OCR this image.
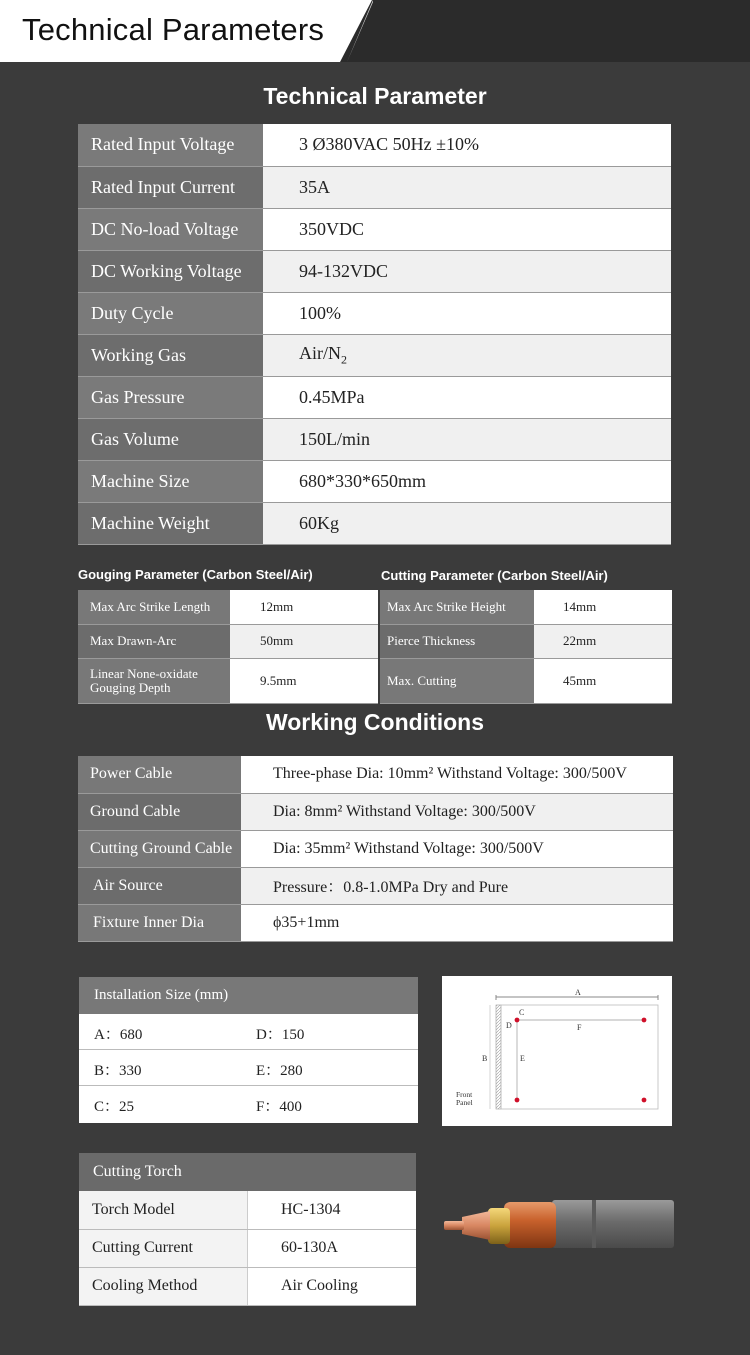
Technical Parameters
Technical Parameter
Rated Input Voltage	3 Ø380VAC 50Hz ±10%
Rated Input Current	35A
DC No-load Voltage	350VDC
DC Working Voltage	94-132VDC
Duty Cycle	100%
Working Gas	Air/$N_2$
Gas Pressure	0.45MPa
Gas Volume	150L/min
Machine Size	680*330*650mm
Machine Weight	60Kg
Gouging Parameter (Carbon Steel/Air)	Cutting Parameter (Carbon Steel/Air)
Max Arc Strike Length	12mm
Max Drawn-Arc	50mm

Linear None-oxidate
Gouging Depth	9.5mm
Max Arc Strike Height	14mm
Pierce Thickness	22mm
Max. Cutting	45mm
Working Conditions
Power Cable	Three-phase Dia: 10mm² Withstand Voltage: 300/500V
Ground Cable	Dia: 8mm² Withstand Voltage: 300/500V
Cutting Ground Cable	Dia: 35mm² Withstand Voltage: 300/500V
Air Source	Pressure：0.8-1.0MPa Dry and Pure
Fixture Inner Dia	ϕ35+1mm
Installation Size (mm)
A：680	D：150
B：330	E：280
C：25	F：400
A
B
C
D	F
E
Front
Panel
Cutting Torch
Torch Model	HC-1304
Cutting Current	60-130A
Cooling Method	Air Cooling
